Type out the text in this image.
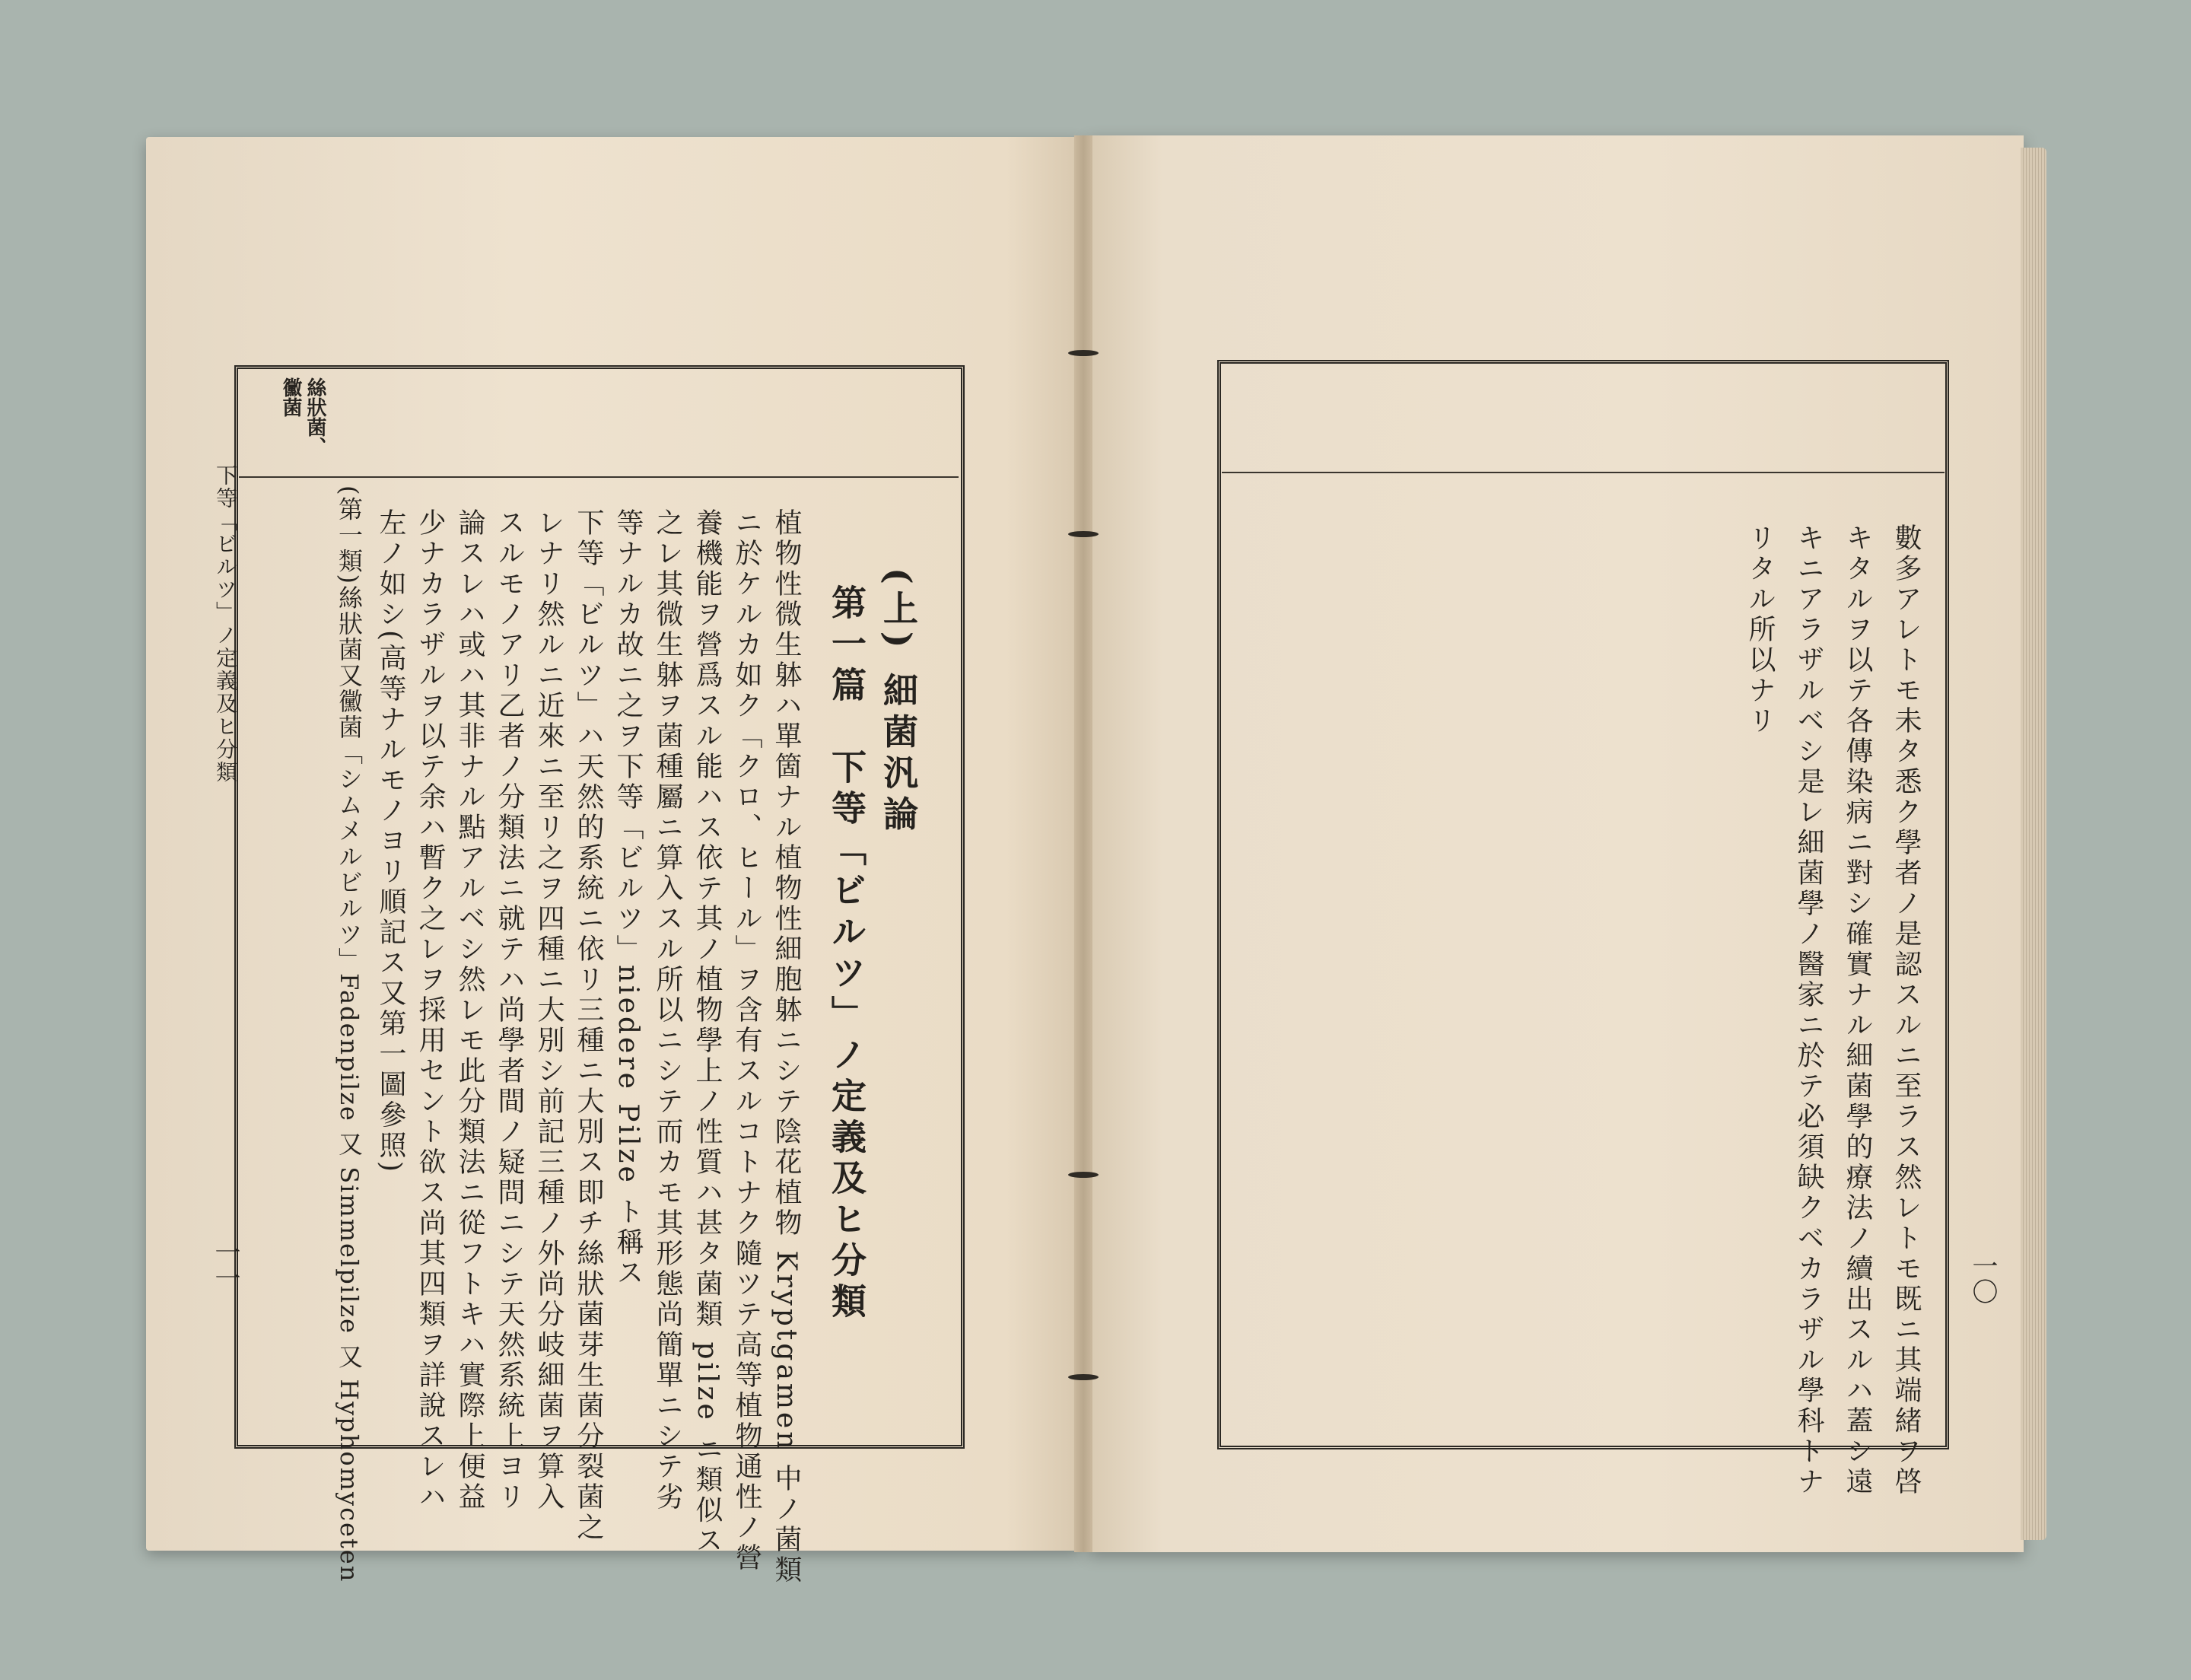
絲狀菌、黴菌
下等「ビルツ」ノ定義及ヒ分類
一一
(上) 細菌汎論
第一篇　下等「ビルツ」ノ定義及ヒ分類
植物性微生躰ハ單箇ナル植物性細胞躰ニシテ陰花植物 Kryptgamen 中ノ菌類
ニ於ケルカ如ク「クロ、ヒール」ヲ含有スルコトナク隨ツテ高等植物通性ノ營
養機能ヲ營爲スル能ハス依テ其ノ植物學上ノ性質ハ甚タ菌類 pilze ニ類似ス
之レ其微生躰ヲ菌種屬ニ算入スル所以ニシテ而カモ其形態尚簡單ニシテ劣
等ナルカ故ニ之ヲ下等「ビルツ」niedere Pilze ト稱ス
下等「ビルツ」ハ天然的系統ニ依リ三種ニ大別ス即チ絲狀菌芽生菌分裂菌之
レナリ然ルニ近來ニ至リ之ヲ四種ニ大別シ前記三種ノ外尚分岐細菌ヲ算入
スルモノアリ乙者ノ分類法ニ就テハ尚學者間ノ疑問ニシテ天然系統上ヨリ
論スレハ或ハ其非ナル點アルベシ然レモ此分類法ニ從フトキハ實際上便益
少ナカラザルヲ以テ余ハ暫ク之レヲ採用セント欲ス尚其四類ヲ詳說スレハ
左ノ如シ(高等ナルモノヨリ順記ス又第一圖參照)
(第一類)絲狀菌又黴菌「シムメルビルツ」Fadenpilze 又 Simmelpilze 又 Hyphomyceten	一〇
數多アレトモ未タ悉ク學者ノ是認スルニ至ラス然レトモ既ニ其端緒ヲ啓
キタルヲ以テ各傳染病ニ對シ確實ナル細菌學的療法ノ續出スルハ蓋シ遠
キニアラザルベシ是レ細菌學ノ醫家ニ於テ必須缺クベカラザル學科トナ
リタル所以ナリ
